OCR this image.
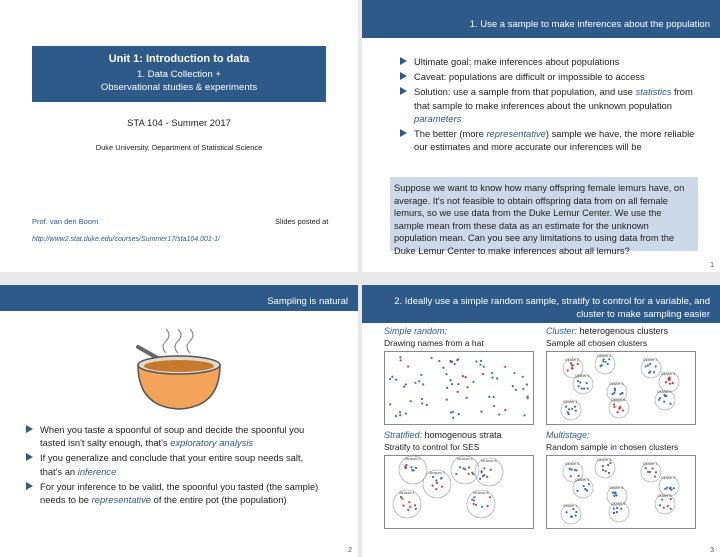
Unit 1: Introduction to data
1. Data Collection +
Observational studies & experiments
STA 104 - Summer 2017
Duke University, Department of Statistical Science
Prof. van den Boom	Slides posted at
http://www2.stat.duke.edu/courses/Summer17/sta104.001-1/
1. Use a sample to make inferences about the population
Ultimate goal: make inferences about populations
Caveat: populations are difficult or impossible to access
Solution: use a sample from that population, and use statistics from that sample to make inferences about the unknown population parameters
The better (more representative) sample we have, the more reliable our estimates and more accurate our inferences will be
Suppose we want to know how many offspring female lemurs have, on average. It's not feasible to obtain offspring data from on all female lemurs, so we use data from the Duke Lemur Center. We use the sample mean from these data as an estimate for the unknown population mean. Can you see any limitations to using data from the Duke Lemur Center to make inferences about all lemurs?
1
Sampling is natural
When you taste a spoonful of soup and decide the spoonful you tasted isn't salty enough, that's exploratory analysis
If you generalize and conclude that your entire soup needs salt, that's an inference
For your inference to be valid, the spoonful you tasted (the sample) needs to be representative of the entire pot (the population)
2
2. Ideally use a simple random sample, stratify to control for a variable, and
cluster to make sampling easier
Simple random:
Drawing names from a hat
Cluster: heterogenous clusters
Sample all chosen clusters
Cluster 1
Cluster 2
Cluster 3
Cluster 4
Cluster 5
Cluster 6
Cluster 7
Cluster 8
Cluster 9
Stratified: homogenous strata
Stratify to control for SES
Multistage:
Random sample in chosen clusters
Stratum 1
Stratum 2
Stratum 3
Stratum 4 Stratum 5
Stratum 6
Cluster 1
Cluster 2
Cluster 3
Cluster 4
Cluster 5
Cluster 6
Cluster 7
Cluster 8
Cluster 9
3
